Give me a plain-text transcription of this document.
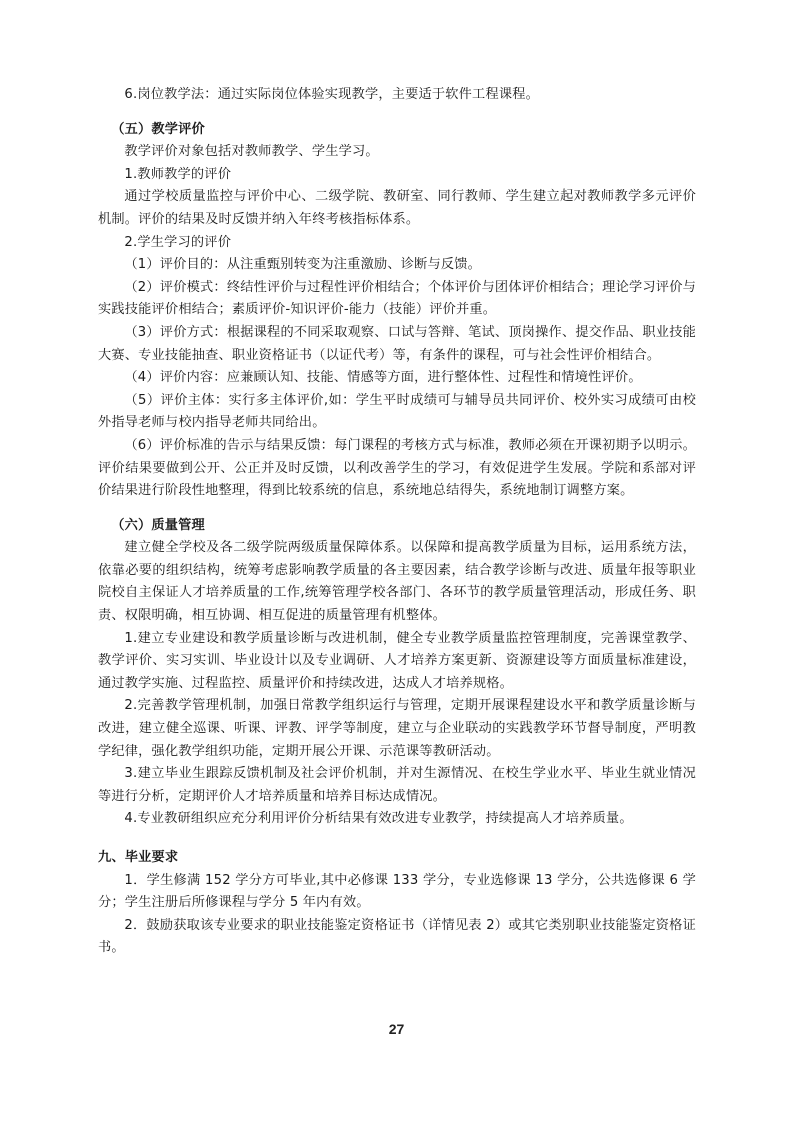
6.岗位教学法：通过实际岗位体验实现教学，主要适于软件工程课程。

（五）教学评价

教学评价对象包括对教师教学、学生学习。

1.教师教学的评价

通过学校质量监控与评价中心、二级学院、教研室、同行教师、学生建立起对教师教学多元评价机制。评价的结果及时反馈并纳入年终考核指标体系。

2.学生学习的评价

（1）评价目的：从注重甄别转变为注重激励、诊断与反馈。

（2）评价模式：终结性评价与过程性评价相结合；个体评价与团体评价相结合；理论学习评价与实践技能评价相结合；素质评价-知识评价-能力（技能）评价并重。

（3）评价方式：根据课程的不同采取观察、口试与答辩、笔试、顶岗操作、提交作品、职业技能大赛、专业技能抽查、职业资格证书（以证代考）等，有条件的课程，可与社会性评价相结合。

（4）评价内容：应兼顾认知、技能、情感等方面，进行整体性、过程性和情境性评价。

（5）评价主体：实行多主体评价,如：学生平时成绩可与辅导员共同评价、校外实习成绩可由校外指导老师与校内指导老师共同给出。

（6）评价标准的告示与结果反馈：每门课程的考核方式与标准，教师必须在开课初期予以明示。评价结果要做到公开、公正并及时反馈，以利改善学生的学习，有效促进学生发展。学院和系部对评价结果进行阶段性地整理，得到比较系统的信息，系统地总结得失，系统地制订调整方案。

（六）质量管理

建立健全学校及各二级学院两级质量保障体系。以保障和提高教学质量为目标，运用系统方法，依靠必要的组织结构，统筹考虑影响教学质量的各主要因素，结合教学诊断与改进、质量年报等职业院校自主保证人才培养质量的工作,统筹管理学校各部门、各环节的教学质量管理活动，形成任务、职责、权限明确，相互协调、相互促进的质量管理有机整体。

1.建立专业建设和教学质量诊断与改进机制，健全专业教学质量监控管理制度，完善课堂教学、教学评价、实习实训、毕业设计以及专业调研、人才培养方案更新、资源建设等方面质量标准建设，通过教学实施、过程监控、质量评价和持续改进，达成人才培养规格。

2.完善教学管理机制，加强日常教学组织运行与管理，定期开展课程建设水平和教学质量诊断与改进，建立健全巡课、听课、评教、评学等制度，建立与企业联动的实践教学环节督导制度，严明教学纪律，强化教学组织功能，定期开展公开课、示范课等教研活动。

3.建立毕业生跟踪反馈机制及社会评价机制，并对生源情况、在校生学业水平、毕业生就业情况等进行分析，定期评价人才培养质量和培养目标达成情况。

4.专业教研组织应充分利用评价分析结果有效改进专业教学，持续提高人才培养质量。

九、毕业要求

1．学生修满 152 学分方可毕业,其中必修课 133 学分，专业选修课 13 学分，公共选修课 6 学分；学生注册后所修课程与学分 5 年内有效。

2．鼓励获取该专业要求的职业技能鉴定资格证书（详情见表 2）或其它类别职业技能鉴定资格证书。

27
